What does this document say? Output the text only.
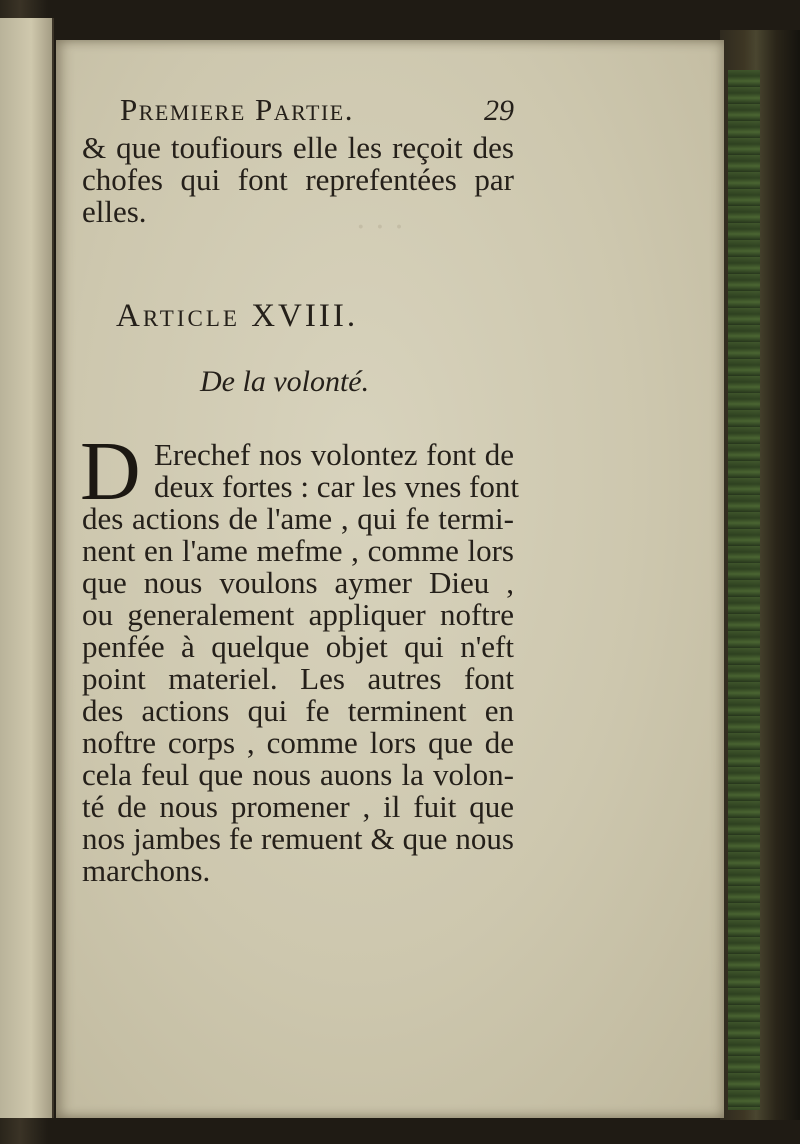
· · ·
Premiere Partie.	29
& que toufiours elle les reçoit des
chofes qui font reprefentées par
elles.
Article XVIII.
De la volonté.
D Erechef nos volontez font de
deux fortes : car les vnes font
des actions de l'ame , qui fe termi-
nent en l'ame mefme , comme lors
que nous voulons aymer Dieu ,
ou generalement appliquer noftre
penfée à quelque objet qui n'eft
point materiel. Les autres font
des actions qui fe terminent en
noftre corps , comme lors que de
cela feul que nous auons la volon-
té de nous promener , il fuit que
nos jambes fe remuent & que nous
marchons.
